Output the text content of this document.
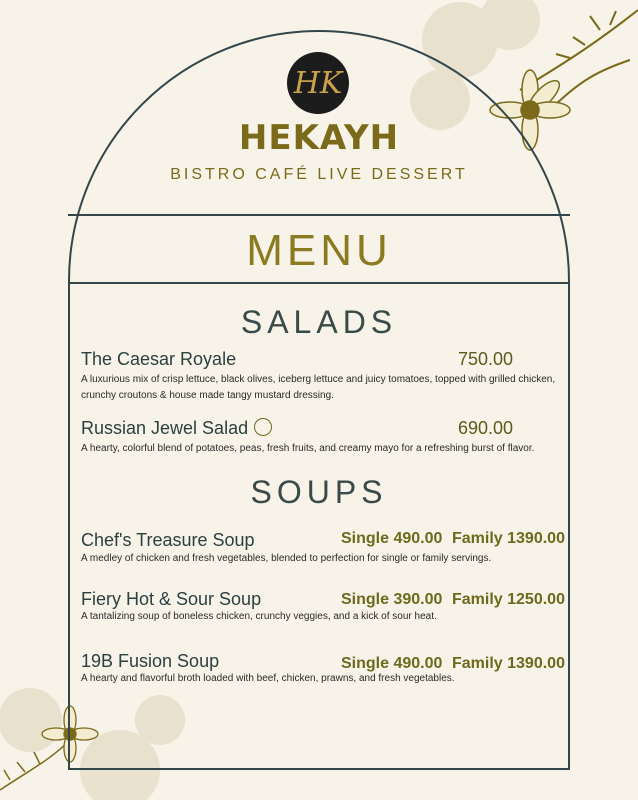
HK
HEKAYH
BISTRO CAFÉ LIVE DESSERT
MENU
SALADS
The Caesar Royale	750.00
A luxurious mix of crisp lettuce, black olives, iceberg lettuce and juicy tomatoes, topped with grilled chicken, crunchy croutons & house made tangy mustard dressing.
Russian Jewel Salad	690.00
A hearty, colorful blend of potatoes, peas, fresh fruits, and creamy mayo for a refreshing burst of flavor.
SOUPS
Chef's Treasure Soup	Single 490.00 Family 1390.00
A medley of chicken and fresh vegetables, blended to perfection for single or family servings.
Fiery Hot & Sour Soup	Single 390.00 Family 1250.00
A tantalizing soup of boneless chicken, crunchy veggies, and a kick of sour heat.
19B Fusion Soup	Single 490.00 Family 1390.00
A hearty and flavorful broth loaded with beef, chicken, prawns, and fresh vegetables.
